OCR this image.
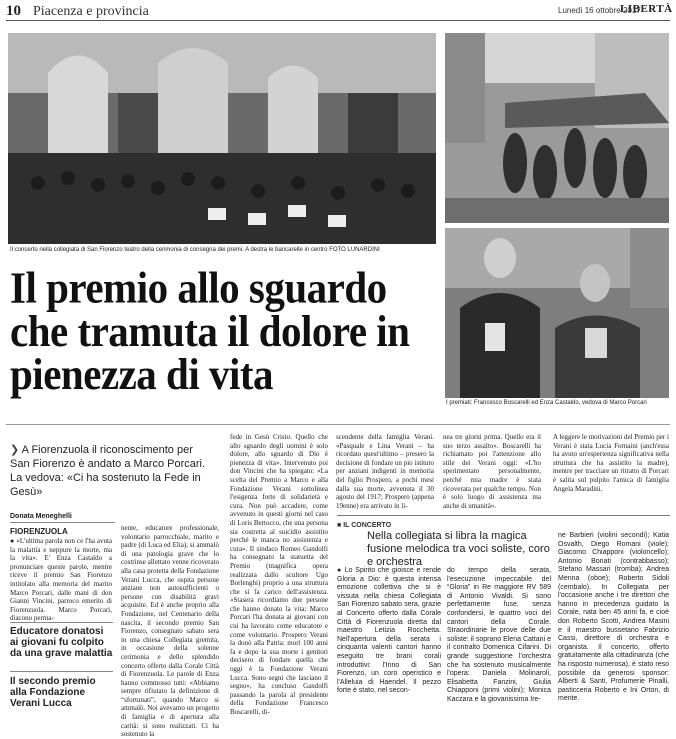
10 Piacenza e provincia	Lunedì 16 ottobre 2017
LIBERTÀ
Il concerto nella collegiata di San Fiorenzo teatro della cerimonia di consegna dei premi. A destra le bancarelle in centro FOTO LUNARDINI
I premiati: Francesco Boscarelli ed Enza Castaldo, vedova di Marco Porcari
Il premio allo sguardo che tramuta il dolore in pienezza di vita
❯ A Fiorenzuola il riconoscimento per San Fiorenzo è andato a Marco Porcari. La vedova: «Ci ha sostenuto la Fede in Gesù»
Donata Meneghelli
FIORENZUOLA

● «L'ultima parola non ce l'ha avuta la malattia e neppure la morte, ma la vita». E' Enza Castaldo a pronunciare queste parole, mentre riceve il premio San Fiorenzo intitolato alla memoria del marito Marco Porcari, dalle mani di don Gianni Vincini, parroco emerito di Fiorenzuola. Marco Porcari, diacono perma-

nente, educatore professionale, volontario parrocchiale, marito e padre (di Luca ed Elia), si ammalò di una patologia grave che lo costrinse allettato venne ricoverato alla casa protetta della Fondazione Verani Lucca, che ospita persone anziane non autosufficienti o persone con disabilità gravi acquisite. Ed è anche proprio alla Fondazione, nel Centenario della nascita, il secondo premio San Fiorenzo, consegnato sabato sera in una chiesa Collegiata gremita, in occasione della solenne cerimonia e dello splendido concerto offerto dalla Corale Città di Fiorenzuola. Le parole di Enza hanno commosso tutti: «Abbiamo sempre rifiutato la definizione di “sfortunati”, quando Marco si ammalò. Noi avevamo un progetto di famiglia e di apertura alla carità: si sono realizzati. Ci ha sostenuto la

fede in Gesù Cristo. Quello che allo sguardo degli uomini è solo dolore, allo sguardo di Dio è pienezza di vita». Intervenuto poi don Vincini che ha spiegato: «La scelta del Premio a Marco e alla Fondazione Verani sottolinea l'esigenza forte di solidarietà e cura. Non può accadere, come avvenuto in questi giorni nel caso di Loris Bertocco, che una persona sia costretta al suicidio assistito perché le manca no assistenza e cura». Il sindaco Romeo Gandolfi ha consegnato la statuetta del Premio (magnifica opera realizzata dallo scultore Ugo Borlenghi) proprio a una struttura che si fa carico dell'assistenza. «Stasera ricordiamo due persone che hanno donato la vita: Marco Porcari l'ha donata ai giovani con cui ha lavorato come educatore e come volontario. Prospero Verani la donò alla Patria: morì 100 anni fa e dopo la sua morte i genitori decisero di fondare quella che oggi è la Fondazione Verani Lucca. Sono segni che lasciano il segno», ha concluso Gandolfi passando la parola al presidente della Fondazione Francesco Boscarelli, di-

scendente della famiglia Verani. «Pasquale e Lina Verani – ha ricordato quest'ultimo – presero la decisione di fondare un pio istituto per anziani indigenti in memoria del figlio Prospero, a pochi mesi dalla sua morte, avvenuta il 30 agosto del 1917; Prospero (appena 19enne) era arrivato in li-

nea tre giorni prima. Quello era il suo terzo assalto». Boscarelli ha richiamato poi l'attenzione allo stile dei Verani oggi: «L'ho sperimentato personalmente, perché mia madre è stata ricoverata per qualche tempo. Non è solo luogo di assistenza ma anche di umanità».

A leggere le motivazioni del Premio per i Verani è stata Lucia Fornaini (anch'essa ha avuto un'esperienza significativa nella struttura che ha assistito la madre), mentre per tracciare un ritratto di Porcari è salita sul pulpito l'amica di famiglia Angela Maradini.

Educatore donatosi ai giovani fu colpito da una grave malattia
Il secondo premio alla Fondazione Verani Lucca
■ IL CONCERTO
Nella collegiata si libra la magica fusione melodica tra voci soliste, coro e orchestra

● Lo Spirito che gioisce e rende Gloria a Dio: è questa intensa emozione collettiva che si è vissuta nella chiesa Collegiata San Fiorenzo sabato sera, grazie al Concerto offerto dalla Corale Città di Fiorenzuola diretta dal maestro Letizia Rocchetta. Nell'apertura della serata i cinquanta valenti cantori hanno eseguito tre brani corali introduttivi: l'Inno di San Fiorenzo, un coro operistico e l'Alleluia di Haendel. Il pezzo forte è stato, nel secon-

do tempo della serata, l'esecuzione impeccabile del “Gloria” in Re maggiore RV 589 di Antonio Vivaldi. Si sono perfettamente fuse, senza confondersi, le quattro voci del cantori della Corale. Straordinarie le prove delle due soliste: il soprano Elena Cattani e il contralto Domenica Cifarini. Di grande suggestione l'orchestra che ha sostenuto musicalmente l'opera: Daniela Molinaroli, Elisabetta Fanzini, Giulia Chiapponi (primi violini); Monica Kaczara e la giovanissima Ire-

ne Barbieri (violini secondi); Katia Osvalth, Diego Romani (viole); Giacomo Chiapponi (violoncello); Antonio Bonati (contrabbasso); Stefano Massari (tromba); Andrea Menna (oboe); Roberto Sidoli (cembalo). In Collegiata per l'occasione anche i tre direttori che hanno in precedenza guidato la Corale, nata ben 45 anni fa, e cioè don Roberto Scotti, Andrea Masini e il maestro bussetano Fabrizio Cassi, direttore di orchestra e organista. Il concerto, offerto gratuitamente alla cittadinanza (che ha risposto numerosa), è stato reso possibile da generosi sponsor: Alberti & Santi, Profumerie Pinalli, pasticceria Roberto e Ini Orton, di mente.
